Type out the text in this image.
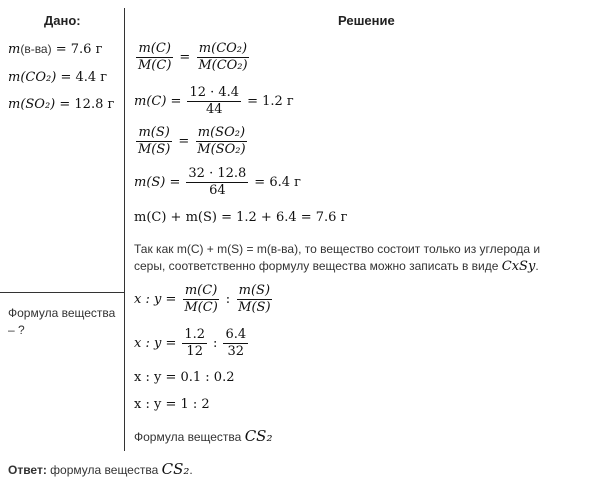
Дано:
m(в-ва) = 7.6 г
m(CO₂) = 4.4 г
m(SO₂) = 12.8 г
Формула вещества – ?
Решение
$\frac{m(C)}{M(C)} = \frac{\text{m(CO₂)}}{\text{M(CO₂)}}$
$m(C) = \frac{12 \cdot 4.4}{44} = 1.2$ г
$\frac{m(S)}{M(S)} = \frac{\text{m(SO₂)}}{\text{M(SO₂)}}$
$m(S) = \frac{32 \cdot 12.8}{64} = 6.4$ г
m(C) + m(S) = 1.2 + 6.4 = 7.6 г
Так как m(C) + m(S) = m(в-ва), то вещество состоит только из углерода и
серы, соответственно формулу вещества можно записать в виде CxSy.
x : $y = \frac{m(C)}{M(C)}$ : $\frac{m(S)}{M(S)}$
x : $y = \frac{1.2}{12}$ : $\frac{6.4}{32}$
x : y = 0.1 : 0.2
x : y = 1 : 2
Формула вещества CS₂
Ответ: формула вещества CS₂.
